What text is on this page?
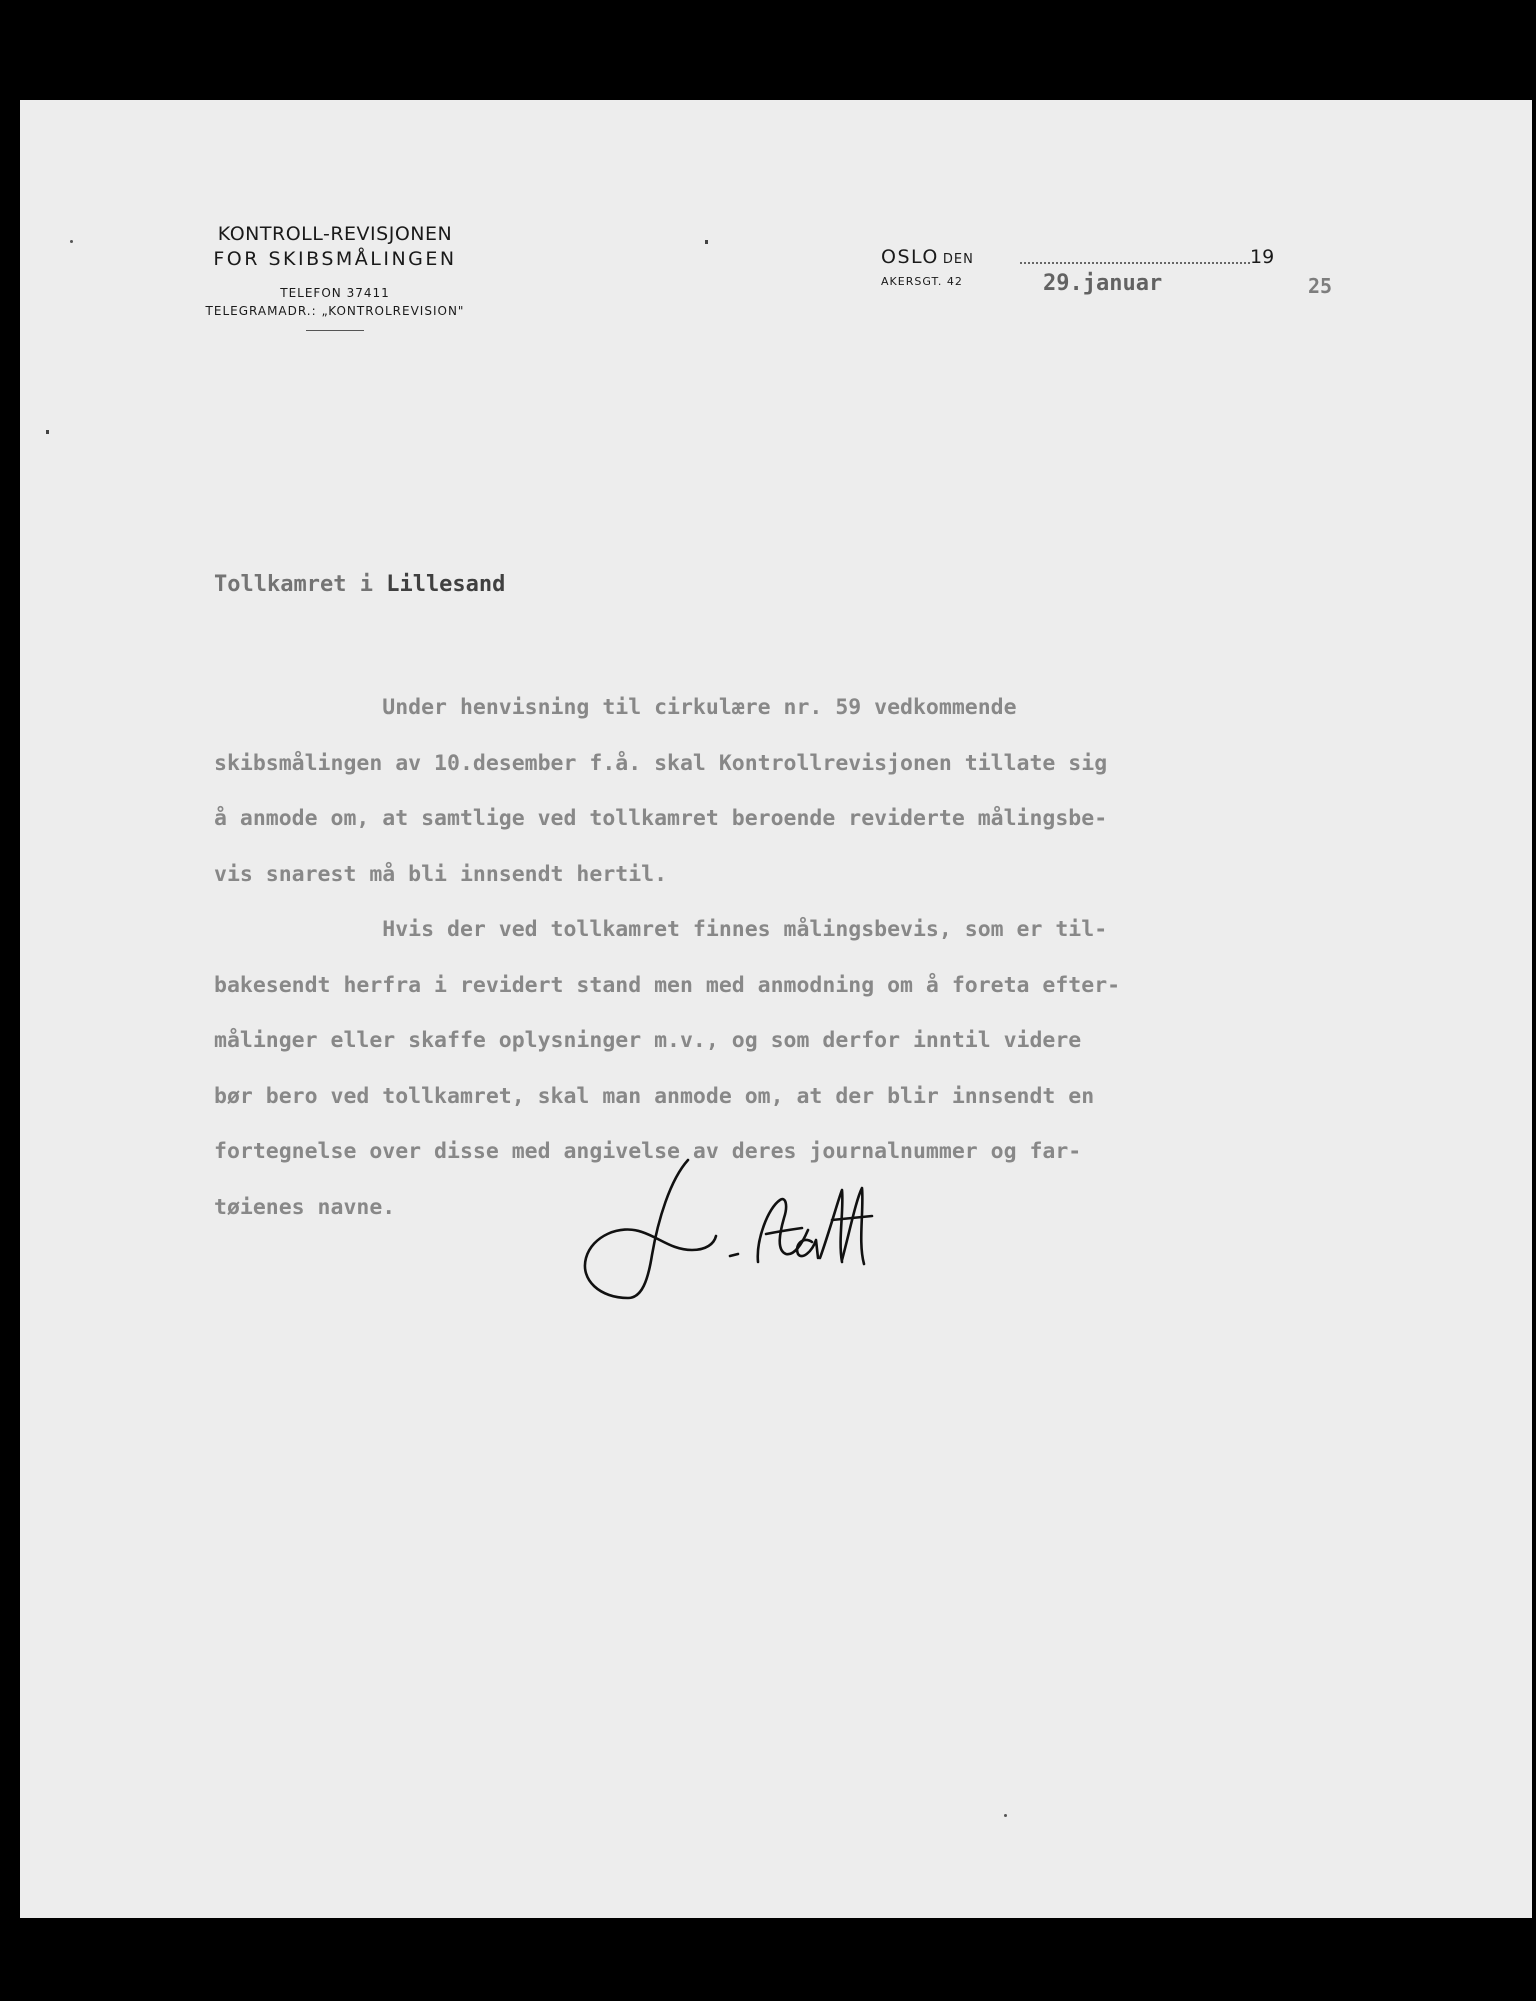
KONTROLL-REVISJONEN
FOR SKIBSMÅLINGEN
TELEFON 37411
TELEGRAMADR.: „KONTROLREVISION"
OSLO DEN	19
AKERSGT. 42	29.januar	25
Tollkamret i Lillesand
Under henvisning til cirkulære nr. 59 vedkommende
skibsmålingen av 10.desember f.å. skal Kontrollrevisjonen tillate sig
å anmode om, at samtlige ved tollkamret beroende reviderte målingsbe-
vis snarest må bli innsendt hertil.
Hvis der ved tollkamret finnes målingsbevis, som er til-
bakesendt herfra i revidert stand men med anmodning om å foreta efter-
målinger eller skaffe oplysninger m.v., og som derfor inntil videre
bør bero ved tollkamret, skal man anmode om, at der blir innsendt en
fortegnelse over disse med angivelse av deres journalnummer og far-
tøienes navne.
